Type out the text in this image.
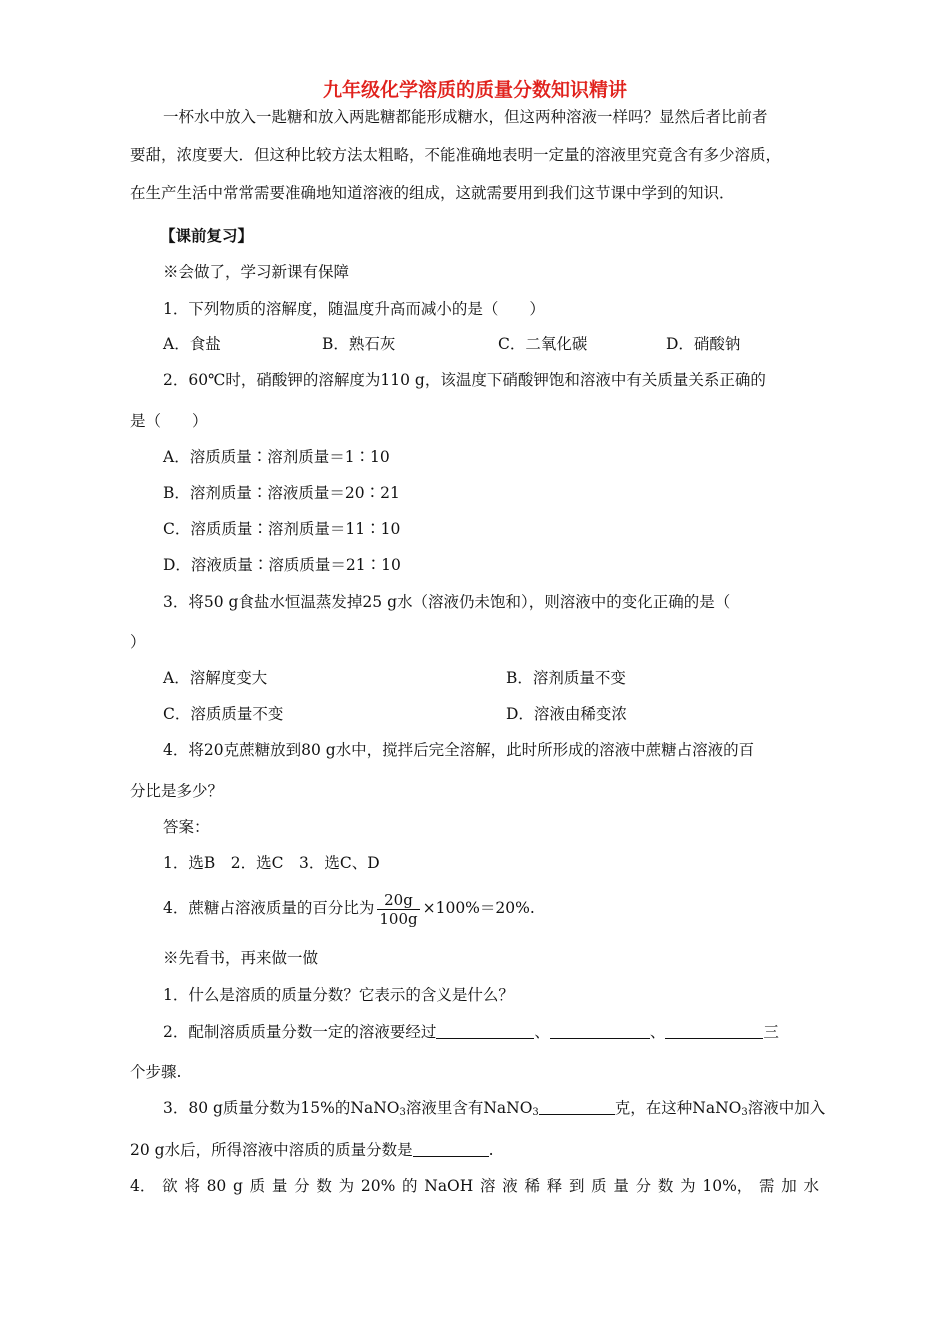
九年级化学溶质的质量分数知识精讲
一杯水中放入一匙糖和放入两匙糖都能形成糖水，但这两种溶液一样吗？显然后者比前者
要甜，浓度要大．但这种比较方法太粗略，不能准确地表明一定量的溶液里究竟含有多少溶质，
在生产生活中常常需要准确地知道溶液的组成，这就需要用到我们这节课中学到的知识．
【课前复习】
※会做了，学习新课有保障
1．下列物质的溶解度，随温度升高而减小的是（　　）
A．食盐	B．熟石灰	C．二氧化碳	D．硝酸钠
2．60℃时，硝酸钾的溶解度为110 g，该温度下硝酸钾饱和溶液中有关质量关系正确的
是（　　）
A．溶质质量∶溶剂质量＝1∶10
B．溶剂质量∶溶液质量＝20∶21
C．溶质质量∶溶剂质量＝11∶10
D．溶液质量∶溶质质量＝21∶10
3．将50 g食盐水恒温蒸发掉25 g水（溶液仍未饱和），则溶液中的变化正确的是（
）
A．溶解度变大	B．溶剂质量不变
C．溶质质量不变	D．溶液由稀变浓
4．将20克蔗糖放到80 g水中，搅拌后完全溶解，此时所形成的溶液中蔗糖占溶液的百
分比是多少？
答案：
1．选B　2．选C　3．选C、D
4．蔗糖占溶液质量的百分比为 $\frac{20g}{100g} \times 100\%=20\%$.
※先看书，再来做一做
1．什么是溶质的质量分数？它表示的含义是什么？
2．配制溶质质量分数一定的溶液要经过	、	、	三
个步骤.
3．80 g质量分数为15%的NaNO$_3$溶液里含有NaNO$_3$	克，在这种NaNO$_3$溶液中加入
20 g水后，所得溶液中溶质的质量分数是	.
4． 欲 将 80 g 质 量 分 数 为 20% 的 NaOH 溶 液 稀 释 到 质 量 分 数 为 10%， 需 加 水
